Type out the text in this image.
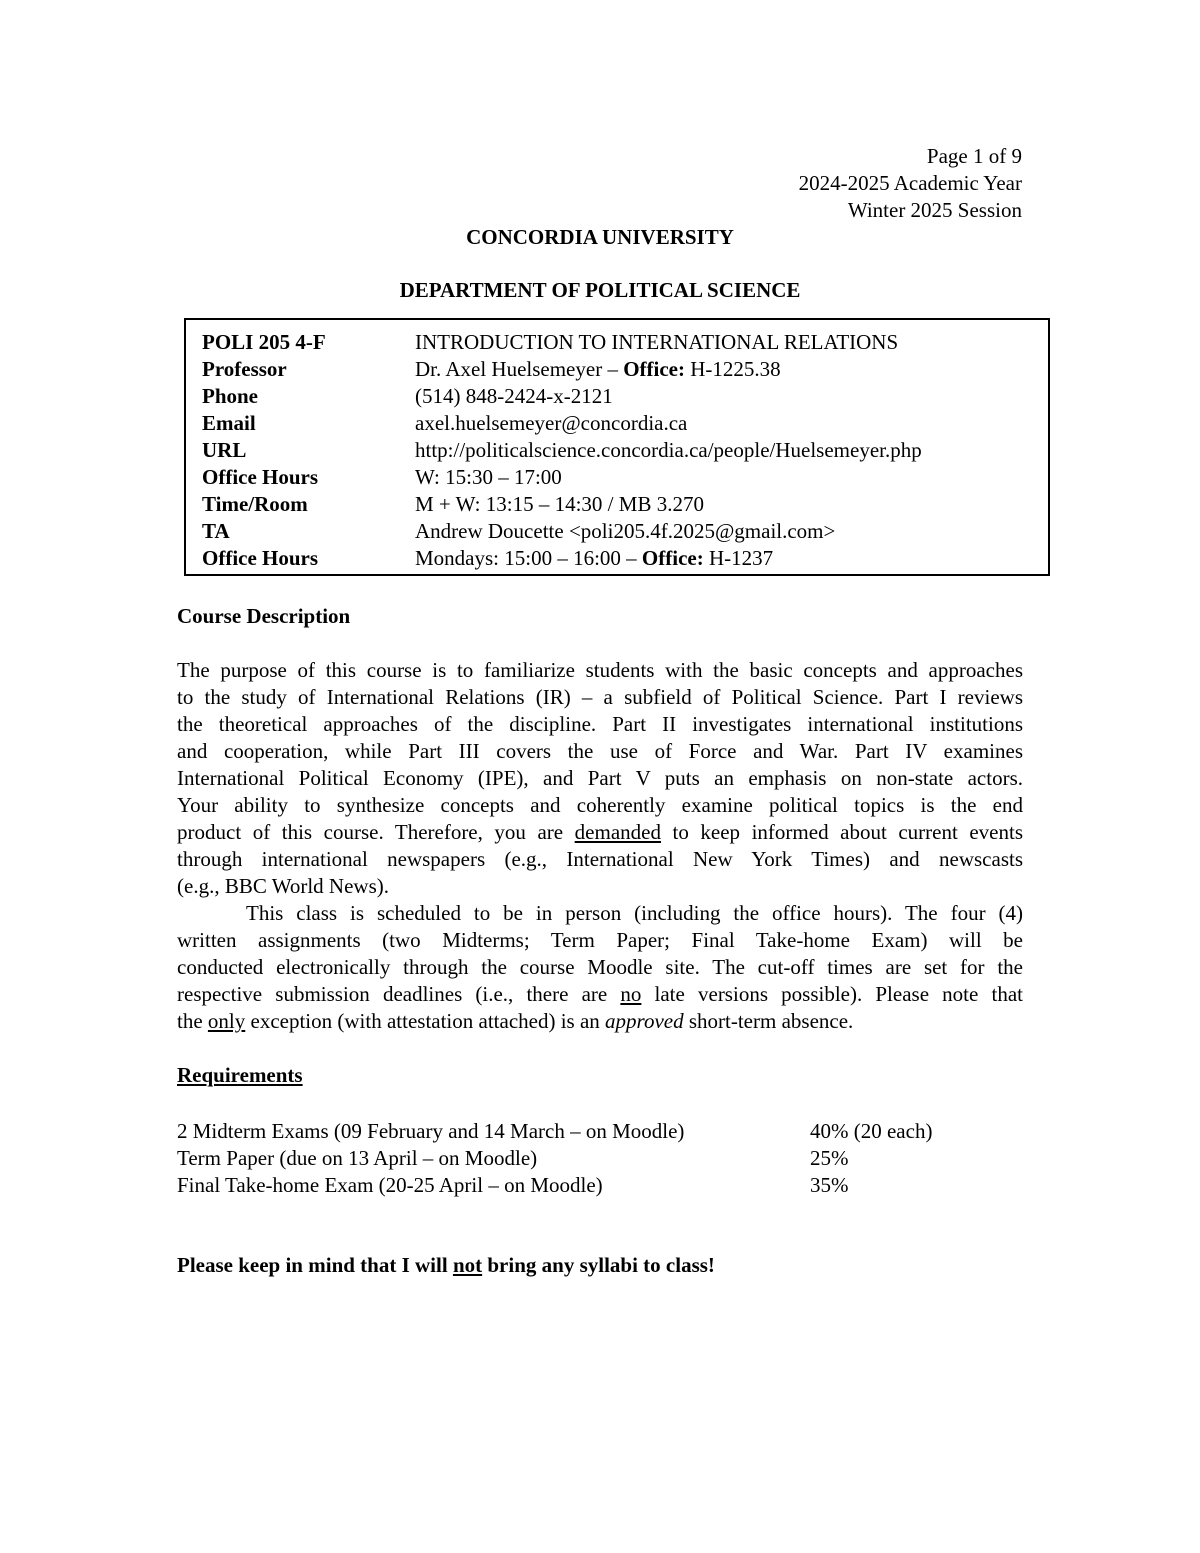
Page 1 of 9
2024-2025 Academic Year
Winter 2025 Session
CONCORDIA UNIVERSITY
DEPARTMENT OF POLITICAL SCIENCE
POLI 205 4-F	INTRODUCTION TO INTERNATIONAL RELATIONS
Professor	Dr. Axel Huelsemeyer – Office: H-1225.38
Phone	(514) 848-2424-x-2121
Email	axel.huelsemeyer@concordia.ca
URL	http://politicalscience.concordia.ca/people/Huelsemeyer.php
Office Hours	W: 15:30 – 17:00
Time/Room	M + W: 13:15 – 14:30 / MB 3.270
TA	Andrew Doucette <poli205.4f.2025@gmail.com>
Office Hours	Mondays: 15:00 – 16:00 – Office: H-1237
Course Description
The purpose of this course is to familiarize students with the basic concepts and approaches
to the study of International Relations (IR) – a subfield of Political Science. Part I reviews
the theoretical approaches of the discipline. Part II investigates international institutions
and cooperation, while Part III covers the use of Force and War. Part IV examines
International Political Economy (IPE), and Part V puts an emphasis on non-state actors.
Your ability to synthesize concepts and coherently examine political topics is the end
product of this course. Therefore, you are demanded to keep informed about current events
through international newspapers (e.g., International New York Times) and newscasts
(e.g., BBC World News).
This class is scheduled to be in person (including the office hours). The four (4)
written assignments (two Midterms; Term Paper; Final Take-home Exam) will be
conducted electronically through the course Moodle site. The cut-off times are set for the
respective submission deadlines (i.e., there are no late versions possible). Please note that
the only exception (with attestation attached) is an approved short-term absence.
Requirements
2 Midterm Exams (09 February and 14 March – on Moodle)	40% (20 each)
Term Paper (due on 13 April – on Moodle)	25%
Final Take-home Exam (20-25 April – on Moodle)	35%
Please keep in mind that I will not bring any syllabi to class!
